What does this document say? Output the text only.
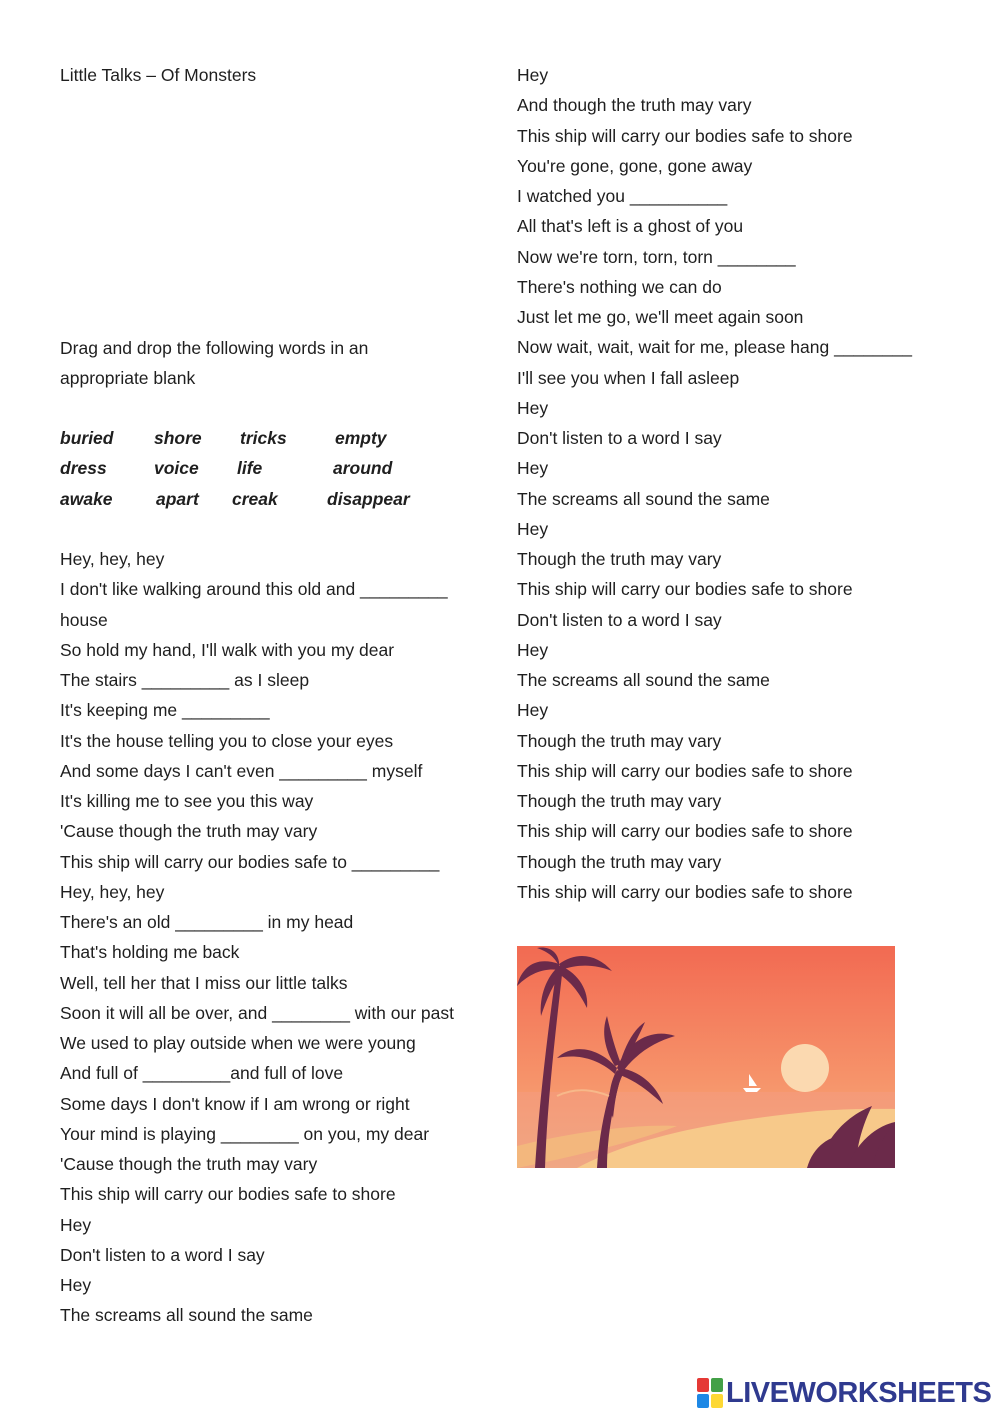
Little Talks – Of Monsters
Drag and drop the following words in an
appropriate blank
buried shore tricks	empty
dress	voice life	around
awake apart creak	disappear
Hey, hey, hey
I don't like walking around this old and _________
house
So hold my hand, I'll walk with you my dear
The stairs _________ as I sleep
It's keeping me _________
It's the house telling you to close your eyes
And some days I can't even _________ myself
It's killing me to see you this way
'Cause though the truth may vary
This ship will carry our bodies safe to _________
Hey, hey, hey
There's an old _________ in my head
That's holding me back
Well, tell her that I miss our little talks
Soon it will all be over, and ________ with our past
We used to play outside when we were young
And full of _________and full of love
Some days I don't know if I am wrong or right
Your mind is playing ________ on you, my dear
'Cause though the truth may vary
This ship will carry our bodies safe to shore
Hey
Don't listen to a word I say
Hey
The screams all sound the same
Hey
And though the truth may vary
This ship will carry our bodies safe to shore
You're gone, gone, gone away
I watched you __________
All that's left is a ghost of you
Now we're torn, torn, torn ________
There's nothing we can do
Just let me go, we'll meet again soon
Now wait, wait, wait for me, please hang ________
I'll see you when I fall asleep
Hey
Don't listen to a word I say
Hey
The screams all sound the same
Hey
Though the truth may vary
This ship will carry our bodies safe to shore
Don't listen to a word I say
Hey
The screams all sound the same
Hey
Though the truth may vary
This ship will carry our bodies safe to shore
Though the truth may vary
This ship will carry our bodies safe to shore
Though the truth may vary
This ship will carry our bodies safe to shore
LIVEWORKSHEETS
